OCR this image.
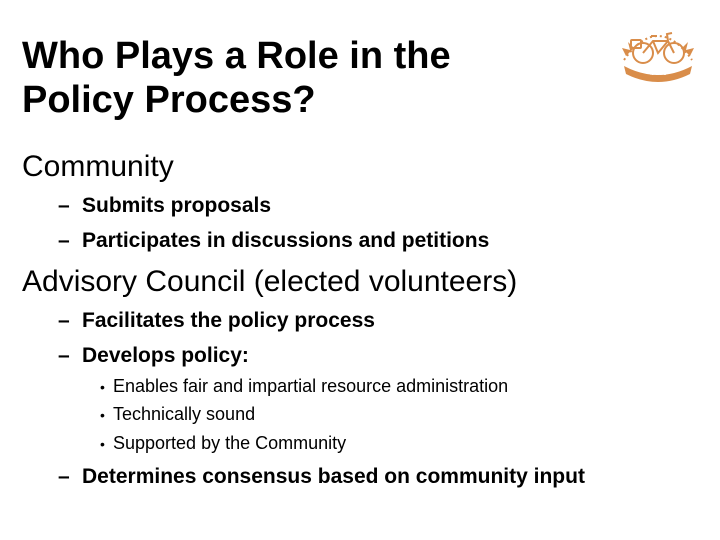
Who Plays a Role in the
Policy Process?
~~~~
Community
– Submits proposals
– Participates in discussions and petitions
Advisory Council (elected volunteers)
– Facilitates the policy process
– Develops policy:
• Enables fair and impartial resource administration
• Technically sound
• Supported by the Community
– Determines consensus based on community input
